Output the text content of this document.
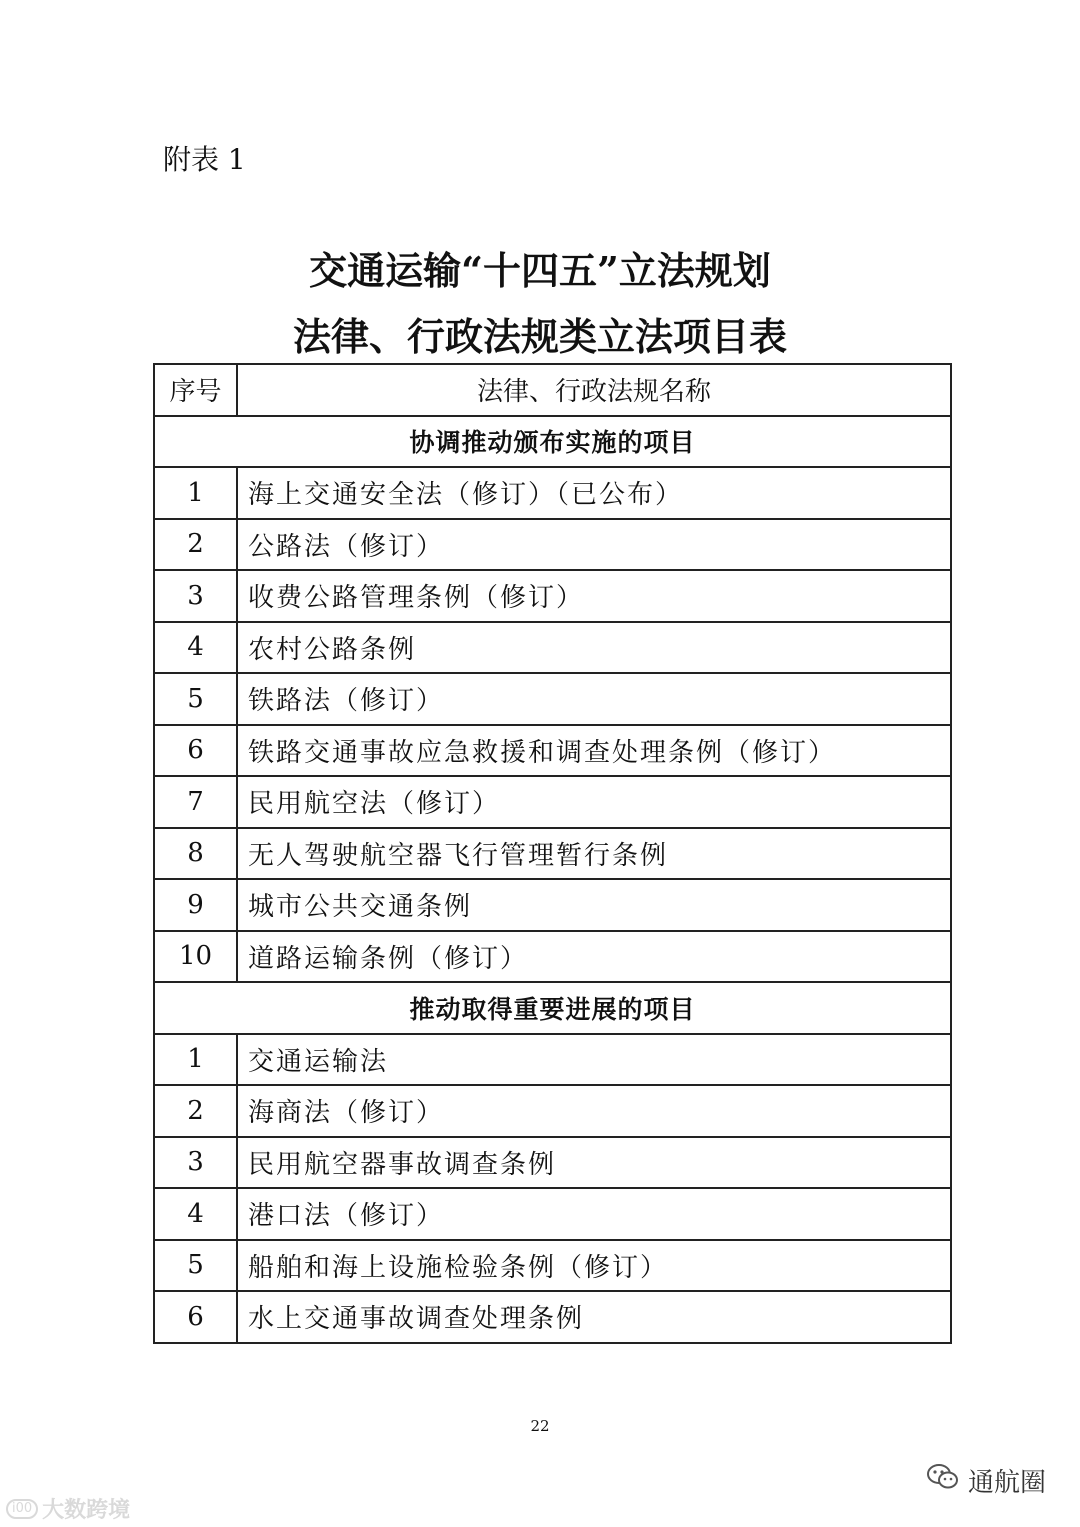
附表 1
交通运输“十四五”立法规划
法律、行政法规类立法项目表
序号	法律、行政法规名称
协调推动颁布实施的项目	
1	海上交通安全法（修订）（已公布）
2	公路法（修订）
3	收费公路管理条例（修订）
4	农村公路条例
5	铁路法（修订）
6	铁路交通事故应急救援和调查处理条例（修订）
7	民用航空法（修订）
8	无人驾驶航空器飞行管理暂行条例
9	城市公共交通条例
10	道路运输条例（修订）
推动取得重要进展的项目	
1	交通运输法
2	海商法（修订）
3	民用航空器事故调查条例
4	港口法（修订）
5	船舶和海上设施检验条例（修订）
6	水上交通事故调查处理条例
22
i00 大数跨境
通航圈
